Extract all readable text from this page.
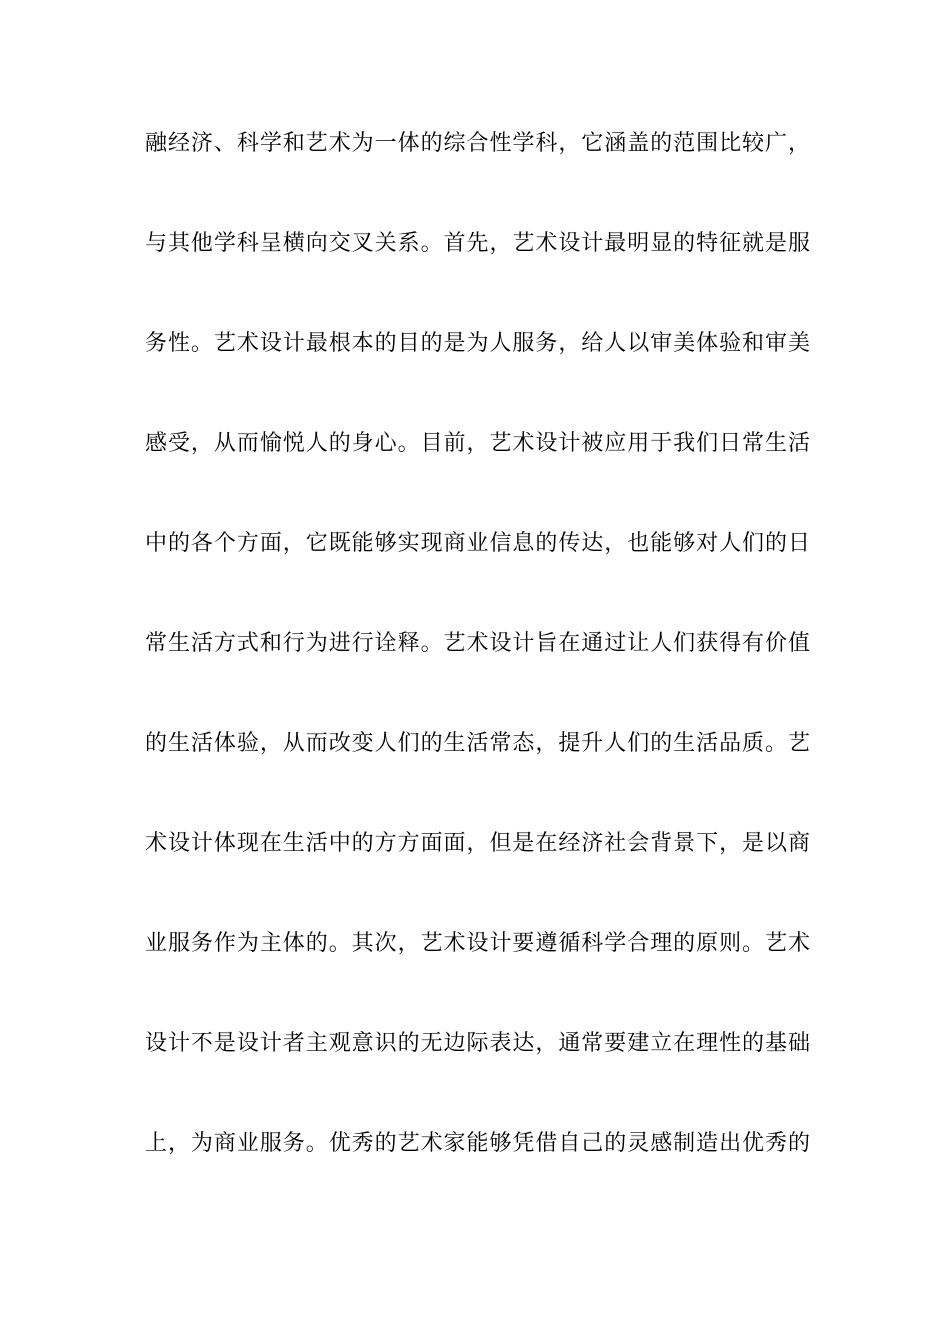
融经济、科学和艺术为一体的综合性学科，它涵盖的范围比较广，
与其他学科呈横向交叉关系。首先，艺术设计最明显的特征就是服
务性。艺术设计最根本的目的是为人服务，给人以审美体验和审美
感受，从而愉悦人的身心。目前，艺术设计被应用于我们日常生活
中的各个方面，它既能够实现商业信息的传达，也能够对人们的日
常生活方式和行为进行诠释。艺术设计旨在通过让人们获得有价值
的生活体验，从而改变人们的生活常态，提升人们的生活品质。艺
术设计体现在生活中的方方面面，但是在经济社会背景下，是以商
业服务作为主体的。其次，艺术设计要遵循科学合理的原则。艺术
设计不是设计者主观意识的无边际表达，通常要建立在理性的基础
上，为商业服务。优秀的艺术家能够凭借自己的灵感制造出优秀的
